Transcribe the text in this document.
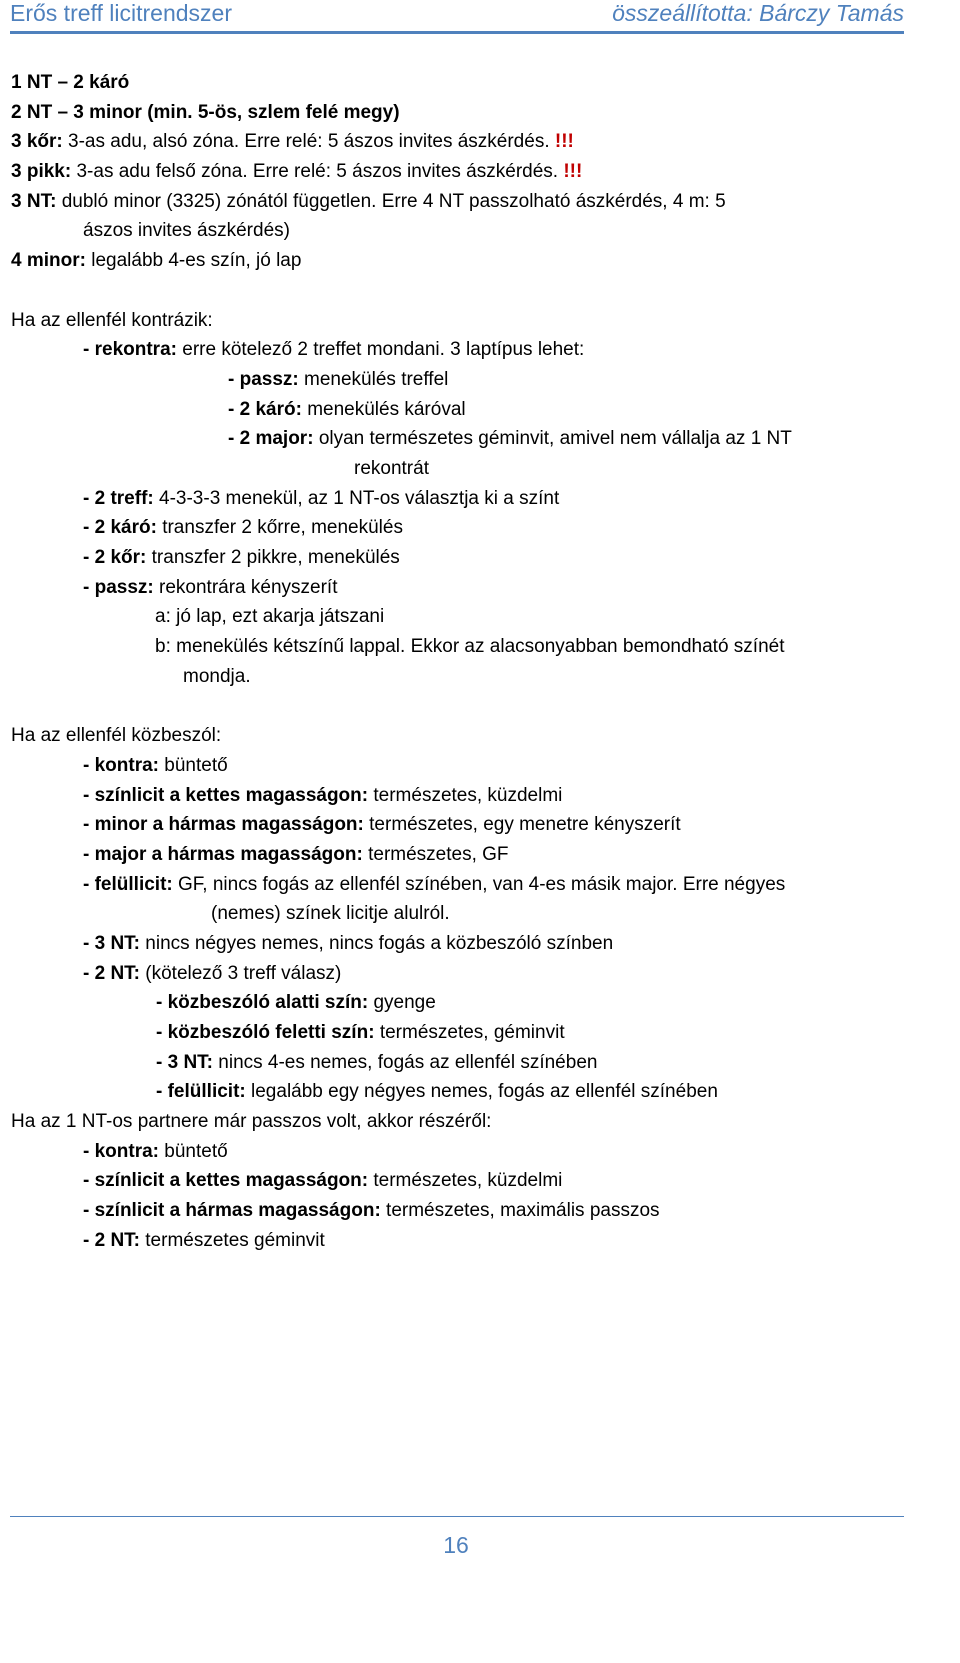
Erős treff licitrendszer	összeállította: Bárczy Tamás
1 NT – 2 káró
2 NT – 3 minor (min. 5-ös, szlem felé megy)
3 kőr: 3-as adu, alsó zóna. Erre relé: 5 ászos invites ászkérdés. !!!
3 pikk: 3-as adu felső zóna. Erre relé: 5 ászos invites ászkérdés. !!!
3 NT: dubló minor (3325) zónától független. Erre 4 NT passzolható ászkérdés, 4 m: 5
ászos invites ászkérdés)
4 minor: legalább 4-es szín, jó lap
Ha az ellenfél kontrázik:
- rekontra: erre kötelező 2 treffet mondani. 3 laptípus lehet:
- passz: menekülés treffel
- 2 káró: menekülés káróval
- 2 major: olyan természetes géminvit, amivel nem vállalja az 1 NT
rekontrát
- 2 treff: 4-3-3-3 menekül, az 1 NT-os választja ki a színt
- 2 káró: transzfer 2 kőrre, menekülés
- 2 kőr: transzfer 2 pikkre, menekülés
- passz: rekontrára kényszerít
a: jó lap, ezt akarja játszani
b: menekülés kétszínű lappal. Ekkor az alacsonyabban bemondható színét
mondja.
Ha az ellenfél közbeszól:
- kontra: büntető
- színlicit a kettes magasságon: természetes, küzdelmi
- minor a hármas magasságon: természetes, egy menetre kényszerít
- major a hármas magasságon: természetes, GF
- felüllicit: GF, nincs fogás az ellenfél színében, van 4-es másik major. Erre négyes
(nemes) színek licitje alulról.
- 3 NT: nincs négyes nemes, nincs fogás a közbeszóló színben
- 2 NT: (kötelező 3 treff válasz)
- közbeszóló alatti szín: gyenge
- közbeszóló feletti szín: természetes, géminvit
- 3 NT: nincs 4-es nemes, fogás az ellenfél színében
- felüllicit: legalább egy négyes nemes, fogás az ellenfél színében
Ha az 1 NT-os partnere már passzos volt, akkor részéről:
- kontra: büntető
- színlicit a kettes magasságon: természetes, küzdelmi
- színlicit a hármas magasságon: természetes, maximális passzos
- 2 NT: természetes géminvit
16
